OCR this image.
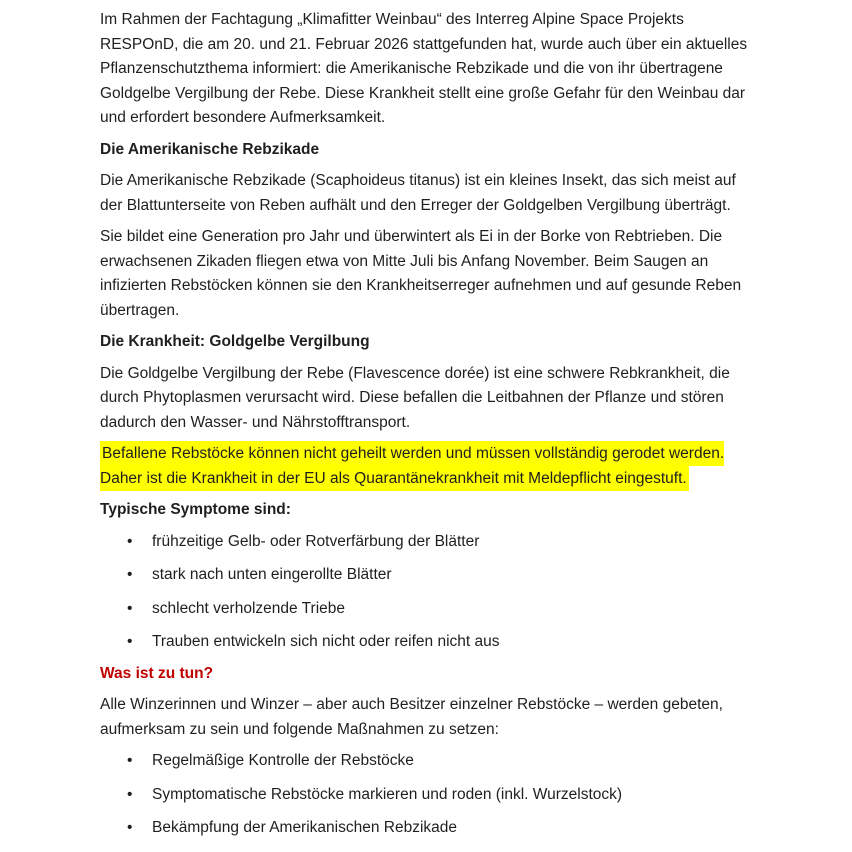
Im Rahmen der Fachtagung „Klimafitter Weinbau“ des Interreg Alpine Space Projekts RESPOnD, die am 20. und 21. Februar 2026 stattgefunden hat, wurde auch über ein aktuelles Pflanzenschutzthema informiert: die Amerikanische Rebzikade und die von ihr übertragene Goldgelbe Vergilbung der Rebe. Diese Krankheit stellt eine große Gefahr für den Weinbau dar und erfordert besondere Aufmerksamkeit.

Die Amerikanische Rebzikade

Die Amerikanische Rebzikade (Scaphoideus titanus) ist ein kleines Insekt, das sich meist auf der Blattunterseite von Reben aufhält und den Erreger der Goldgelben Vergilbung überträgt.

Sie bildet eine Generation pro Jahr und überwintert als Ei in der Borke von Rebtrieben. Die erwachsenen Zikaden fliegen etwa von Mitte Juli bis Anfang November. Beim Saugen an infizierten Rebstöcken können sie den Krankheitserreger aufnehmen und auf gesunde Reben übertragen.

Die Krankheit: Goldgelbe Vergilbung

Die Goldgelbe Vergilbung der Rebe (Flavescence dorée) ist eine schwere Rebkrankheit, die durch Phytoplasmen verursacht wird. Diese befallen die Leitbahnen der Pflanze und stören dadurch den Wasser- und Nährstofftransport.

Befallene Rebstöcke können nicht geheilt werden und müssen vollständig gerodet werden. Daher ist die Krankheit in der EU als Quarantänekrankheit mit Meldepflicht eingestuft.

Typische Symptome sind:
• frühzeitige Gelb- oder Rotverfärbung der Blätter
• stark nach unten eingerollte Blätter
• schlecht verholzende Triebe
• Trauben entwickeln sich nicht oder reifen nicht aus
Was ist zu tun?

Alle Winzerinnen und Winzer – aber auch Besitzer einzelner Rebstöcke – werden gebeten, aufmerksam zu sein und folgende Maßnahmen zu setzen:

• Regelmäßige Kontrolle der Rebstöcke
• Symptomatische Rebstöcke markieren und roden (inkl. Wurzelstock)
• Bekämpfung der Amerikanischen Rebzikade
